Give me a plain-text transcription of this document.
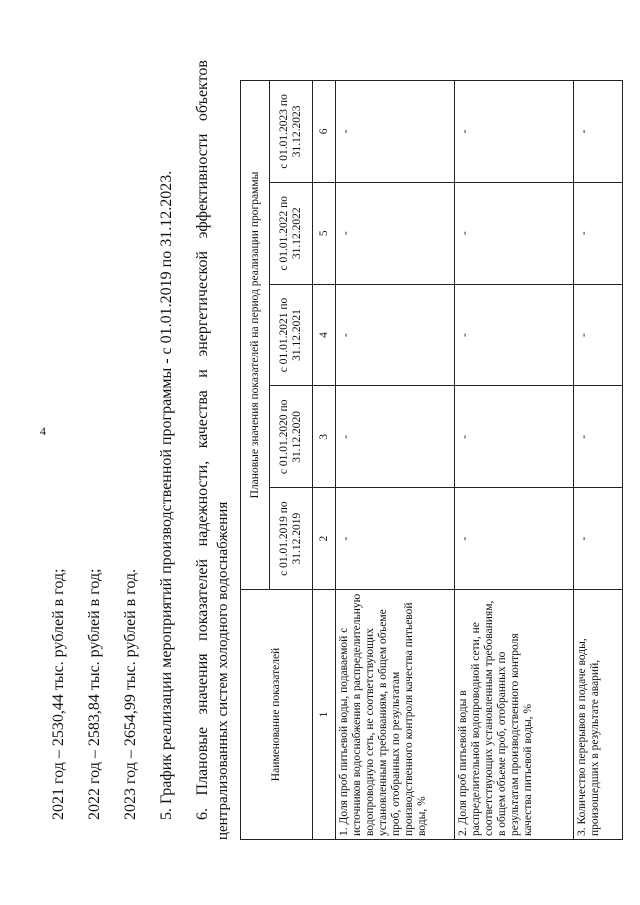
4
2021 год – 2530,44 тыс. рублей в год; 2022 год – 2583,84 тыс. рублей в год; 2023 год – 2654,99 тыс. рублей в год. 5. График реализации мероприятий производственной программы - с 01.01.2019 по 31.12.2023. 6.
Плановые
значения
показателей
надежности,
качества
и
энергетической
эффективности
объектов
централизованных систем холодного водоснабжения	Наименование показателей	Плановые значения показателей на период реализации программы				
	с 01.01.2019 по 31.12.2019	с 01.01.2020 по 31.12.2020	с 01.01.2021 по 31.12.2021	с 01.01.2022 по 31.12.2022	с 01.01.2023 по 31.12.2023
1	2	3	4	5	6
1. Доля проб питьевой воды, подаваемой с источников водоснабжения в распределительную водопроводную сеть, не соответствующих установленным требованиям, в общем объеме проб, отобранных по результатам производственного контроля качества питьевой воды, %	-	-	-	-	-
2. Доля проб питьевой воды в распределительной водопроводной сети, не соответствующих установленным требованиям, в общем объеме проб, отобранных по результатам производственного контроля качества питьевой воды, %	-	-	-	-	-
3. Количество перерывов в подаче воды, произошедших в результате аварий,	-	-	-	-	-
